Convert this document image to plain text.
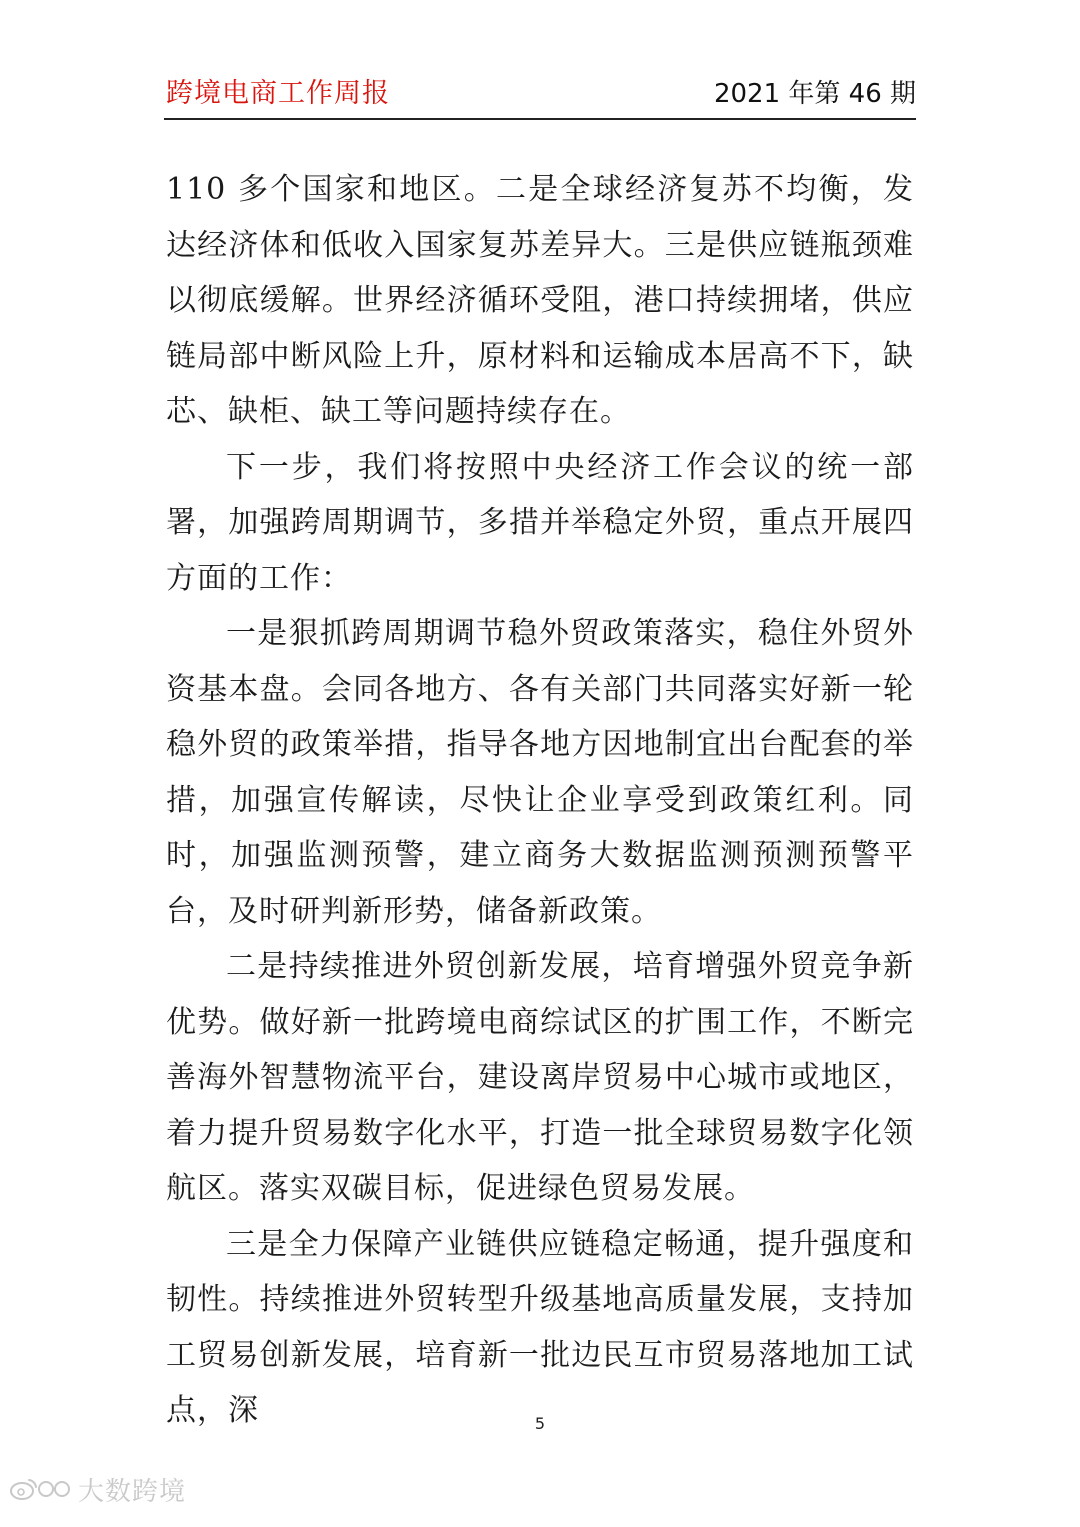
跨境电商工作周报	2021 年第 46 期

110 多个国家和地区。二是全球经济复苏不均衡，发达经济体和低收入国家复苏差异大。三是供应链瓶颈难以彻底缓解。世界经济循环受阻，港口持续拥堵，供应链局部中断风险上升，原材料和运输成本居高不下，缺芯、缺柜、缺工等问题持续存在。

下一步，我们将按照中央经济工作会议的统一部署，加强跨周期调节，多措并举稳定外贸，重点开展四方面的工作：

一是狠抓跨周期调节稳外贸政策落实，稳住外贸外资基本盘。会同各地方、各有关部门共同落实好新一轮稳外贸的政策举措，指导各地方因地制宜出台配套的举措，加强宣传解读，尽快让企业享受到政策红利。同时，加强监测预警，建立商务大数据监测预测预警平台，及时研判新形势，储备新政策。

二是持续推进外贸创新发展，培育增强外贸竞争新优势。做好新一批跨境电商综试区的扩围工作，不断完善海外智慧物流平台，建设离岸贸易中心城市或地区，着力提升贸易数字化水平，打造一批全球贸易数字化领航区。落实双碳目标，促进绿色贸易发展。

三是全力保障产业链供应链稳定畅通，提升强度和韧性。持续推进外贸转型升级基地高质量发展，支持加工贸易创新发展，培育新一批边民互市贸易落地加工试点，深	5
大数跨境
